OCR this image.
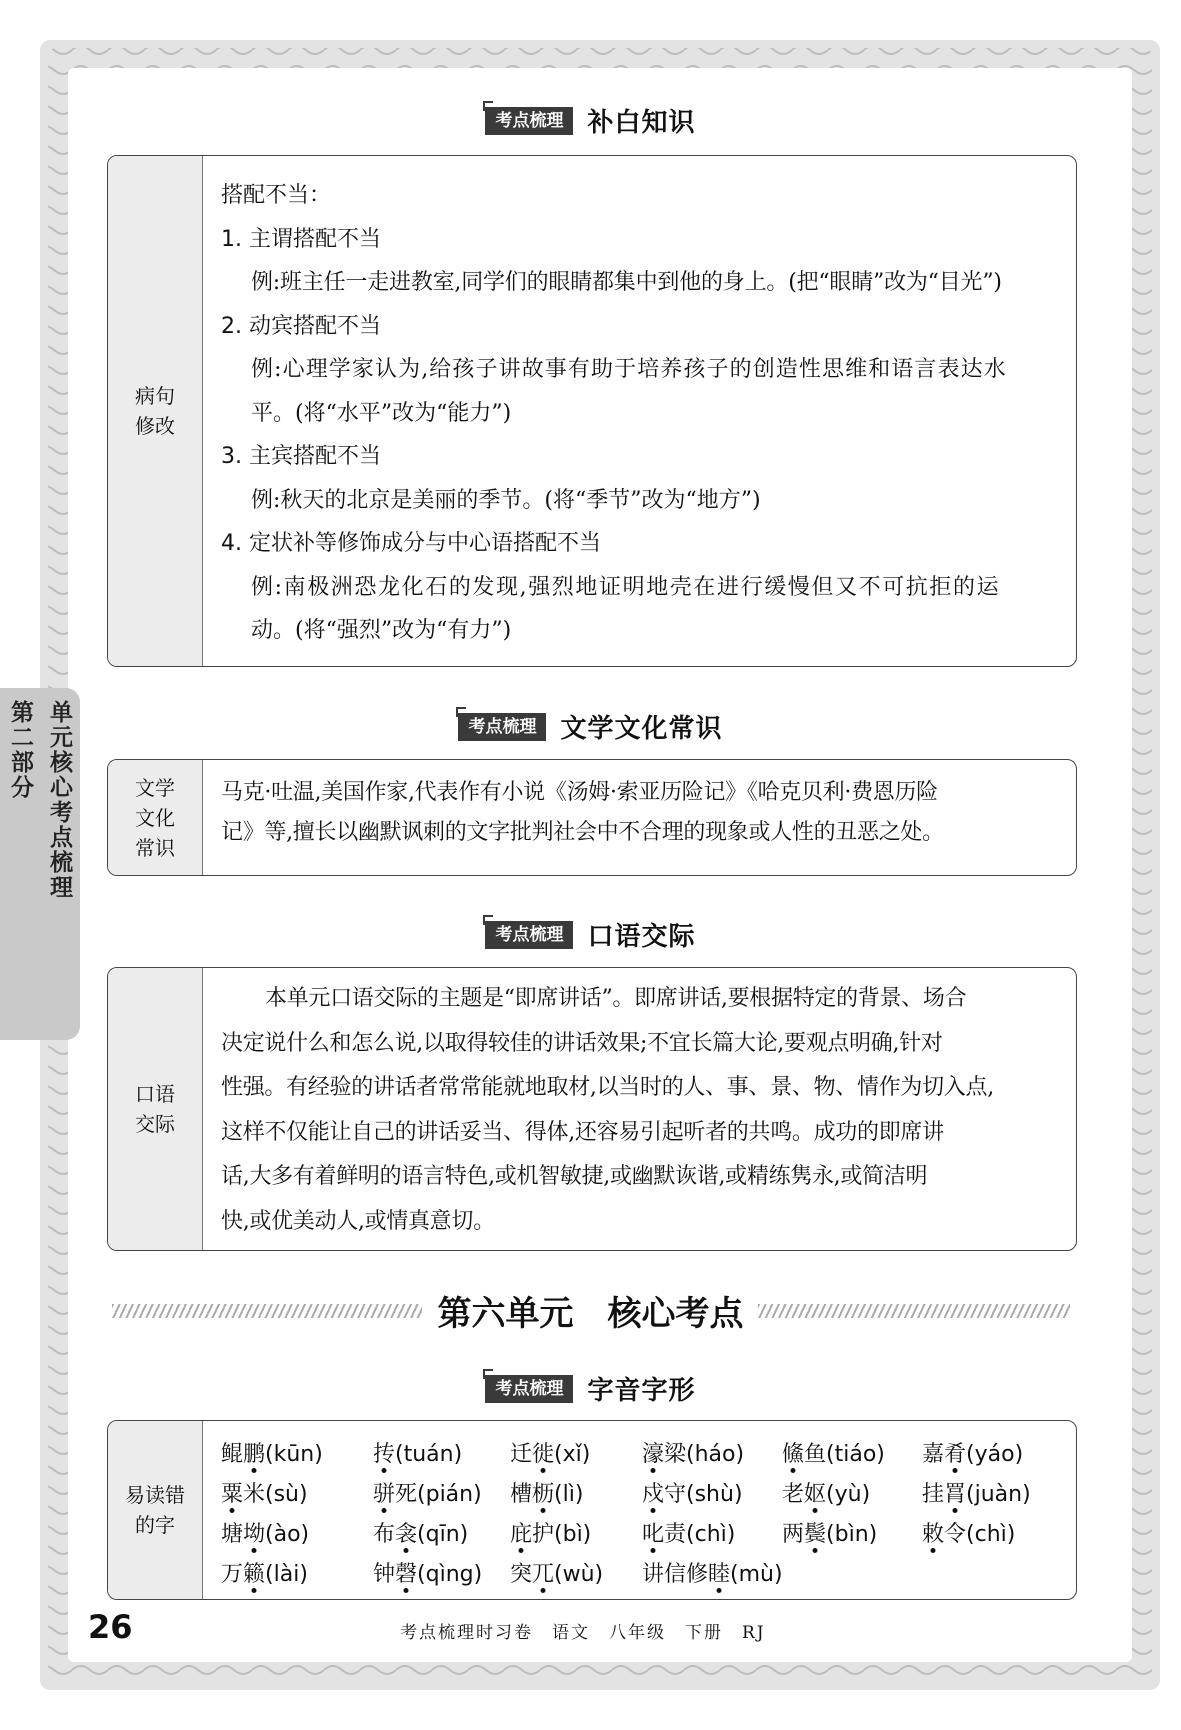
第二部分 单元核心考点梳理
考点梳理 补白知识
病句
修改
搭配不当：
1. 主谓搭配不当
例:班主任一走进教室,同学们的眼睛都集中到他的身上。(把“眼睛”改为“目光”)
2. 动宾搭配不当
例:心理学家认为,给孩子讲故事有助于培养孩子的创造性思维和语言表达水
平。(将“水平”改为“能力”)
3. 主宾搭配不当
例:秋天的北京是美丽的季节。(将“季节”改为“地方”)
4. 定状补等修饰成分与中心语搭配不当
例:南极洲恐龙化石的发现,强烈地证明地壳在进行缓慢但又不可抗拒的运
动。(将“强烈”改为“有力”)
考点梳理 文学文化常识
文学
文化
常识
马克·吐温,美国作家,代表作有小说《汤姆·索亚历险记》《哈克贝利·费恩历险
记》等,擅长以幽默讽刺的文字批判社会中不合理的现象或人性的丑恶之处。
考点梳理 口语交际
口语
交际
本单元口语交际的主题是“即席讲话”。即席讲话,要根据特定的背景、场合
决定说什么和怎么说,以取得较佳的讲话效果;不宜长篇大论,要观点明确,针对
性强。有经验的讲话者常常能就地取材,以当时的人、事、景、物、情作为切入点,
这样不仅能让自己的讲话妥当、得体,还容易引起听者的共鸣。成功的即席讲
话,大多有着鲜明的语言特色,或机智敏捷,或幽默诙谐,或精练隽永,或简洁明
快,或优美动人,或情真意切。
第六单元　核心考点
考点梳理 字音字形
易读错
的字
鲲鹏(kūn)	抟(tuán)	迁徙(xǐ)	濠梁(háo)	鯈鱼(tiáo)	嘉肴(yáo)
粟米(sù)	骈死(pián)	槽枥(lì)	戍守(shù)	老妪(yù)	挂罥(juàn)
塘坳(ào)	布衾(qīn)	庇护(bì)	叱责(chì)	两鬓(bìn)	敕令(chì)
万籁(lài)	钟磬(qìng)	突兀(wù)	讲信修睦(mù)
26	考点梳理时习卷　语文　八年级　下册　RJ
